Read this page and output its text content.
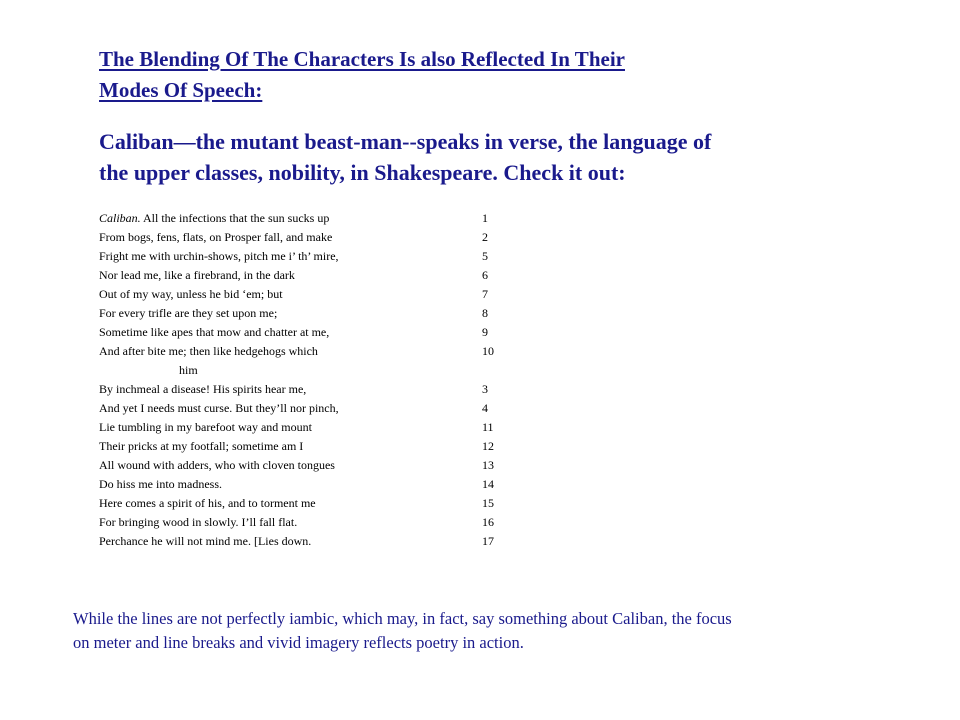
The Blending Of The Characters Is also Reflected In Their
Modes Of Speech:
Caliban—the mutant beast-man--speaks in verse, the language of
the upper classes, nobility, in Shakespeare. Check it out:
Caliban. All the infections that the sun sucks up	1
From bogs, fens, flats, on Prosper fall, and make	2
Fright me with urchin-shows, pitch me i’ th’ mire,	5
Nor lead me, like a firebrand, in the dark	6
Out of my way, unless he bid ‘em; but	7
For every trifle are they set upon me;	8
Sometime like apes that mow and chatter at me,	9
And after bite me; then like hedgehogs which	10
him
By inchmeal a disease! His spirits hear me,	3
And yet I needs must curse. But they’ll nor pinch,	4
Lie tumbling in my barefoot way and mount	11
Their pricks at my footfall; sometime am I	12
All wound with adders, who with cloven tongues	13
Do hiss me into madness.	14
Here comes a spirit of his, and to torment me	15
For bringing wood in slowly. I’ll fall flat.	16
Perchance he will not mind me. [Lies down.	17
While the lines are not perfectly iambic, which may, in fact, say something about Caliban, the focus
on meter and line breaks and vivid imagery reflects poetry in action.
